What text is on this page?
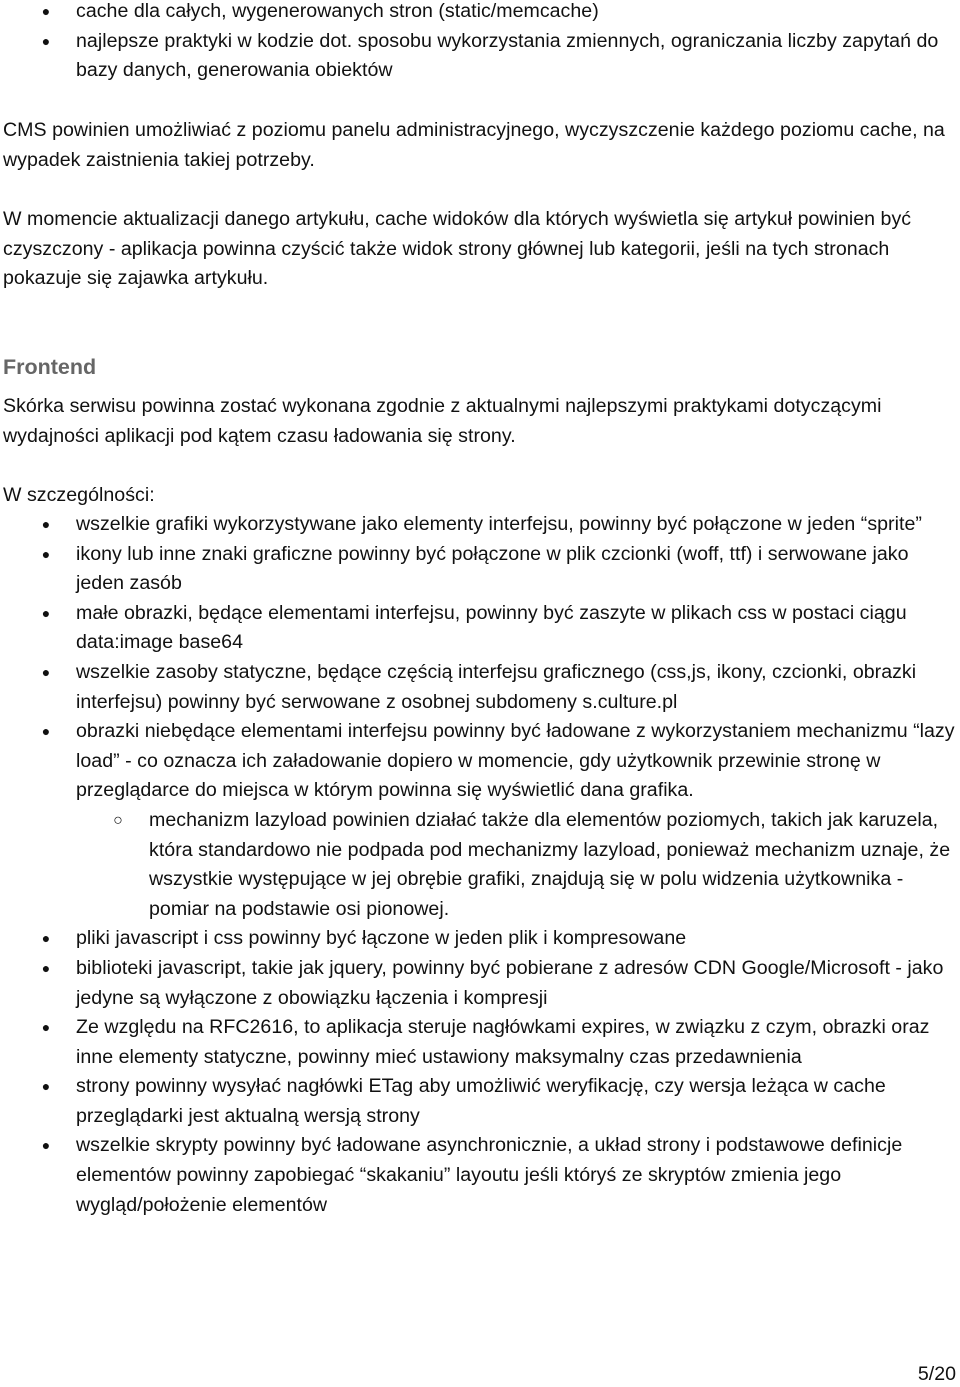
● cache dla całych, wygenerowanych stron (static/memcache)
● najlepsze praktyki w kodzie dot. sposobu wykorzystania zmiennych, ograniczania liczby zapytań do bazy danych, generowania obiektów

CMS powinien umożliwiać z poziomu panelu administracyjnego, wyczyszczenie każdego poziomu cache, na wypadek zaistnienia takiej potrzeby.

W momencie aktualizacji danego artykułu, cache widoków dla których wyświetla się artykuł powinien być czyszczony - aplikacja powinna czyścić także widok strony głównej lub kategorii, jeśli na tych stronach pokazuje się zajawka artykułu.

Frontend

Skórka serwisu powinna zostać wykonana zgodnie z aktualnymi najlepszymi praktykami dotyczącymi wydajności aplikacji pod kątem czasu ładowania się strony.

W szczególności:

● wszelkie grafiki wykorzystywane jako elementy interfejsu, powinny być połączone w jeden “sprite”
● ikony lub inne znaki graficzne powinny być połączone w plik czcionki (woff, ttf) i serwowane jako jeden zasób
● małe obrazki, będące elementami interfejsu, powinny być zaszyte w plikach css w postaci ciągu data:image base64
● wszelkie zasoby statyczne, będące częścią interfejsu graficznego (css,js, ikony, czcionki, obrazki interfejsu) powinny być serwowane z osobnej subdomeny s.culture.pl
● obrazki niebędące elementami interfejsu powinny być ładowane z wykorzystaniem mechanizmu “lazy load” - co oznacza ich załadowanie dopiero w momencie, gdy użytkownik przewinie stronę w przeglądarce do miejsca w którym powinna się wyświetlić dana grafika.
○	mechanizm lazyload powinien działać także dla elementów poziomych, takich jak karuzela, która standardowo nie podpada pod mechanizmy lazyload, ponieważ mechanizm uznaje, że wszystkie występujące w jej obrębie grafiki, znajdują się w polu widzenia użytkownika - pomiar na podstawie osi pionowej.
● pliki javascript i css powinny być łączone w jeden plik i kompresowane
● biblioteki javascript, takie jak jquery, powinny być pobierane z adresów CDN Google/Microsoft - jako jedyne są wyłączone z obowiązku łączenia i kompresji
● Ze względu na RFC2616, to aplikacja steruje nagłówkami expires, w związku z czym, obrazki oraz inne elementy statyczne, powinny mieć ustawiony maksymalny czas przedawnienia
● strony powinny wysyłać nagłówki ETag aby umożliwić weryfikację, czy wersja leżąca w cache przeglądarki jest aktualną wersją strony
● wszelkie skrypty powinny być ładowane asynchronicznie, a układ strony i podstawowe definicje elementów powinny zapobiegać “skakaniu” layoutu jeśli któryś ze skryptów zmienia jego wygląd/położenie elementów
5/20
